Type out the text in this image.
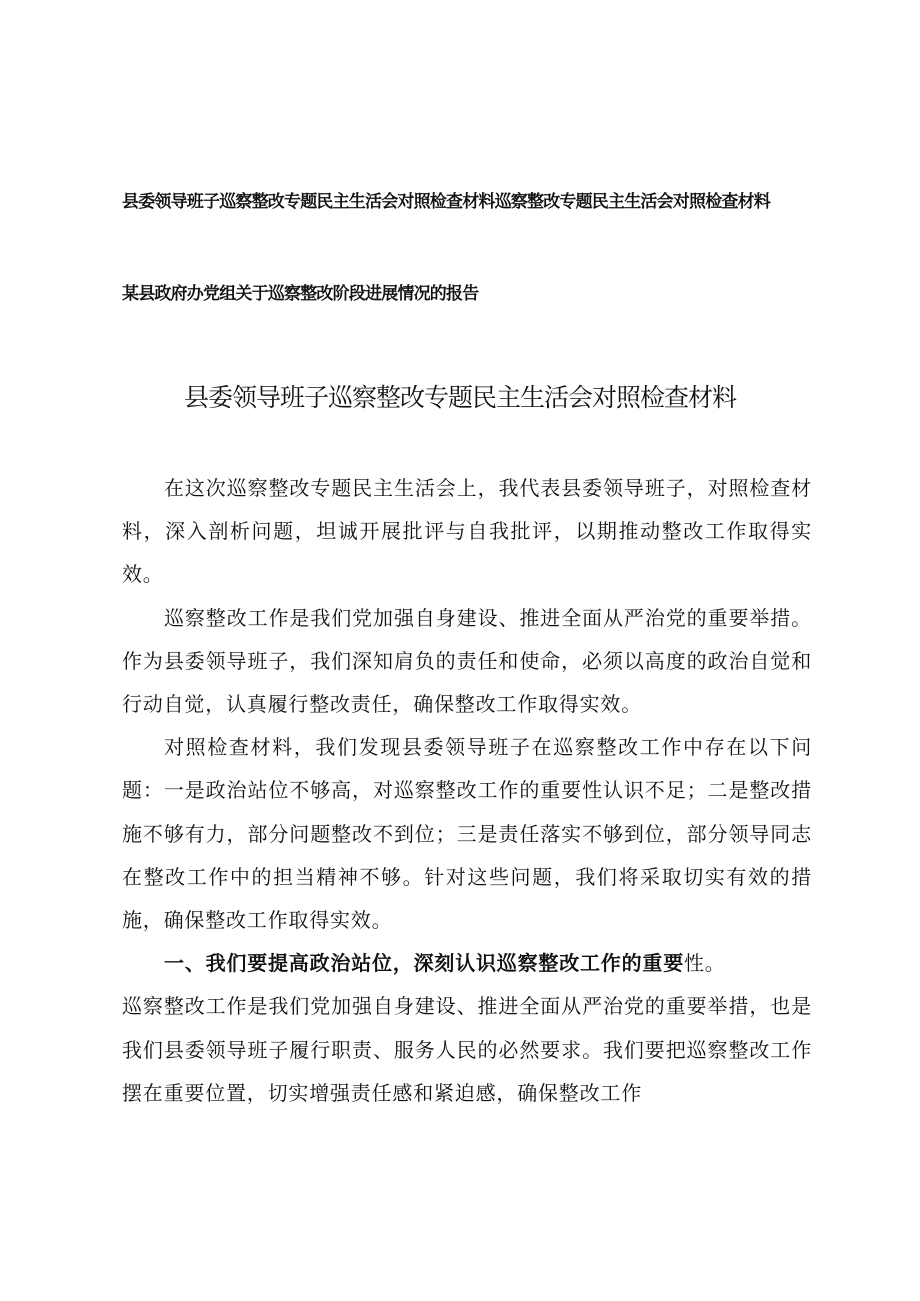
县委领导班子巡察整改专题民主生活会对照检查材料巡察整改专题民主生活会对照检查材料
某县政府办党组关于巡察整改阶段进展情况的报告
县委领导班子巡察整改专题民主生活会对照检查材料

在这次巡察整改专题民主生活会上，我代表县委领导班子，对照检查材料，深入剖析问题，坦诚开展批评与自我批评，以期推动整改工作取得实效。

巡察整改工作是我们党加强自身建设、推进全面从严治党的重要举措。作为县委领导班子，我们深知肩负的责任和使命，必须以高度的政治自觉和行动自觉，认真履行整改责任，确保整改工作取得实效。

对照检查材料，我们发现县委领导班子在巡察整改工作中存在以下问题：一是政治站位不够高，对巡察整改工作的重要性认识不足；二是整改措施不够有力，部分问题整改不到位；三是责任落实不够到位，部分领导同志在整改工作中的担当精神不够。针对这些问题，我们将采取切实有效的措施，确保整改工作取得实效。

一、我们要提高政治站位，深刻认识巡察整改工作的重要性。

巡察整改工作是我们党加强自身建设、推进全面从严治党的重要举措，也是我们县委领导班子履行职责、服务人民的必然要求。我们要把巡察整改工作摆在重要位置，切实增强责任感和紧迫感，确保整改工作
